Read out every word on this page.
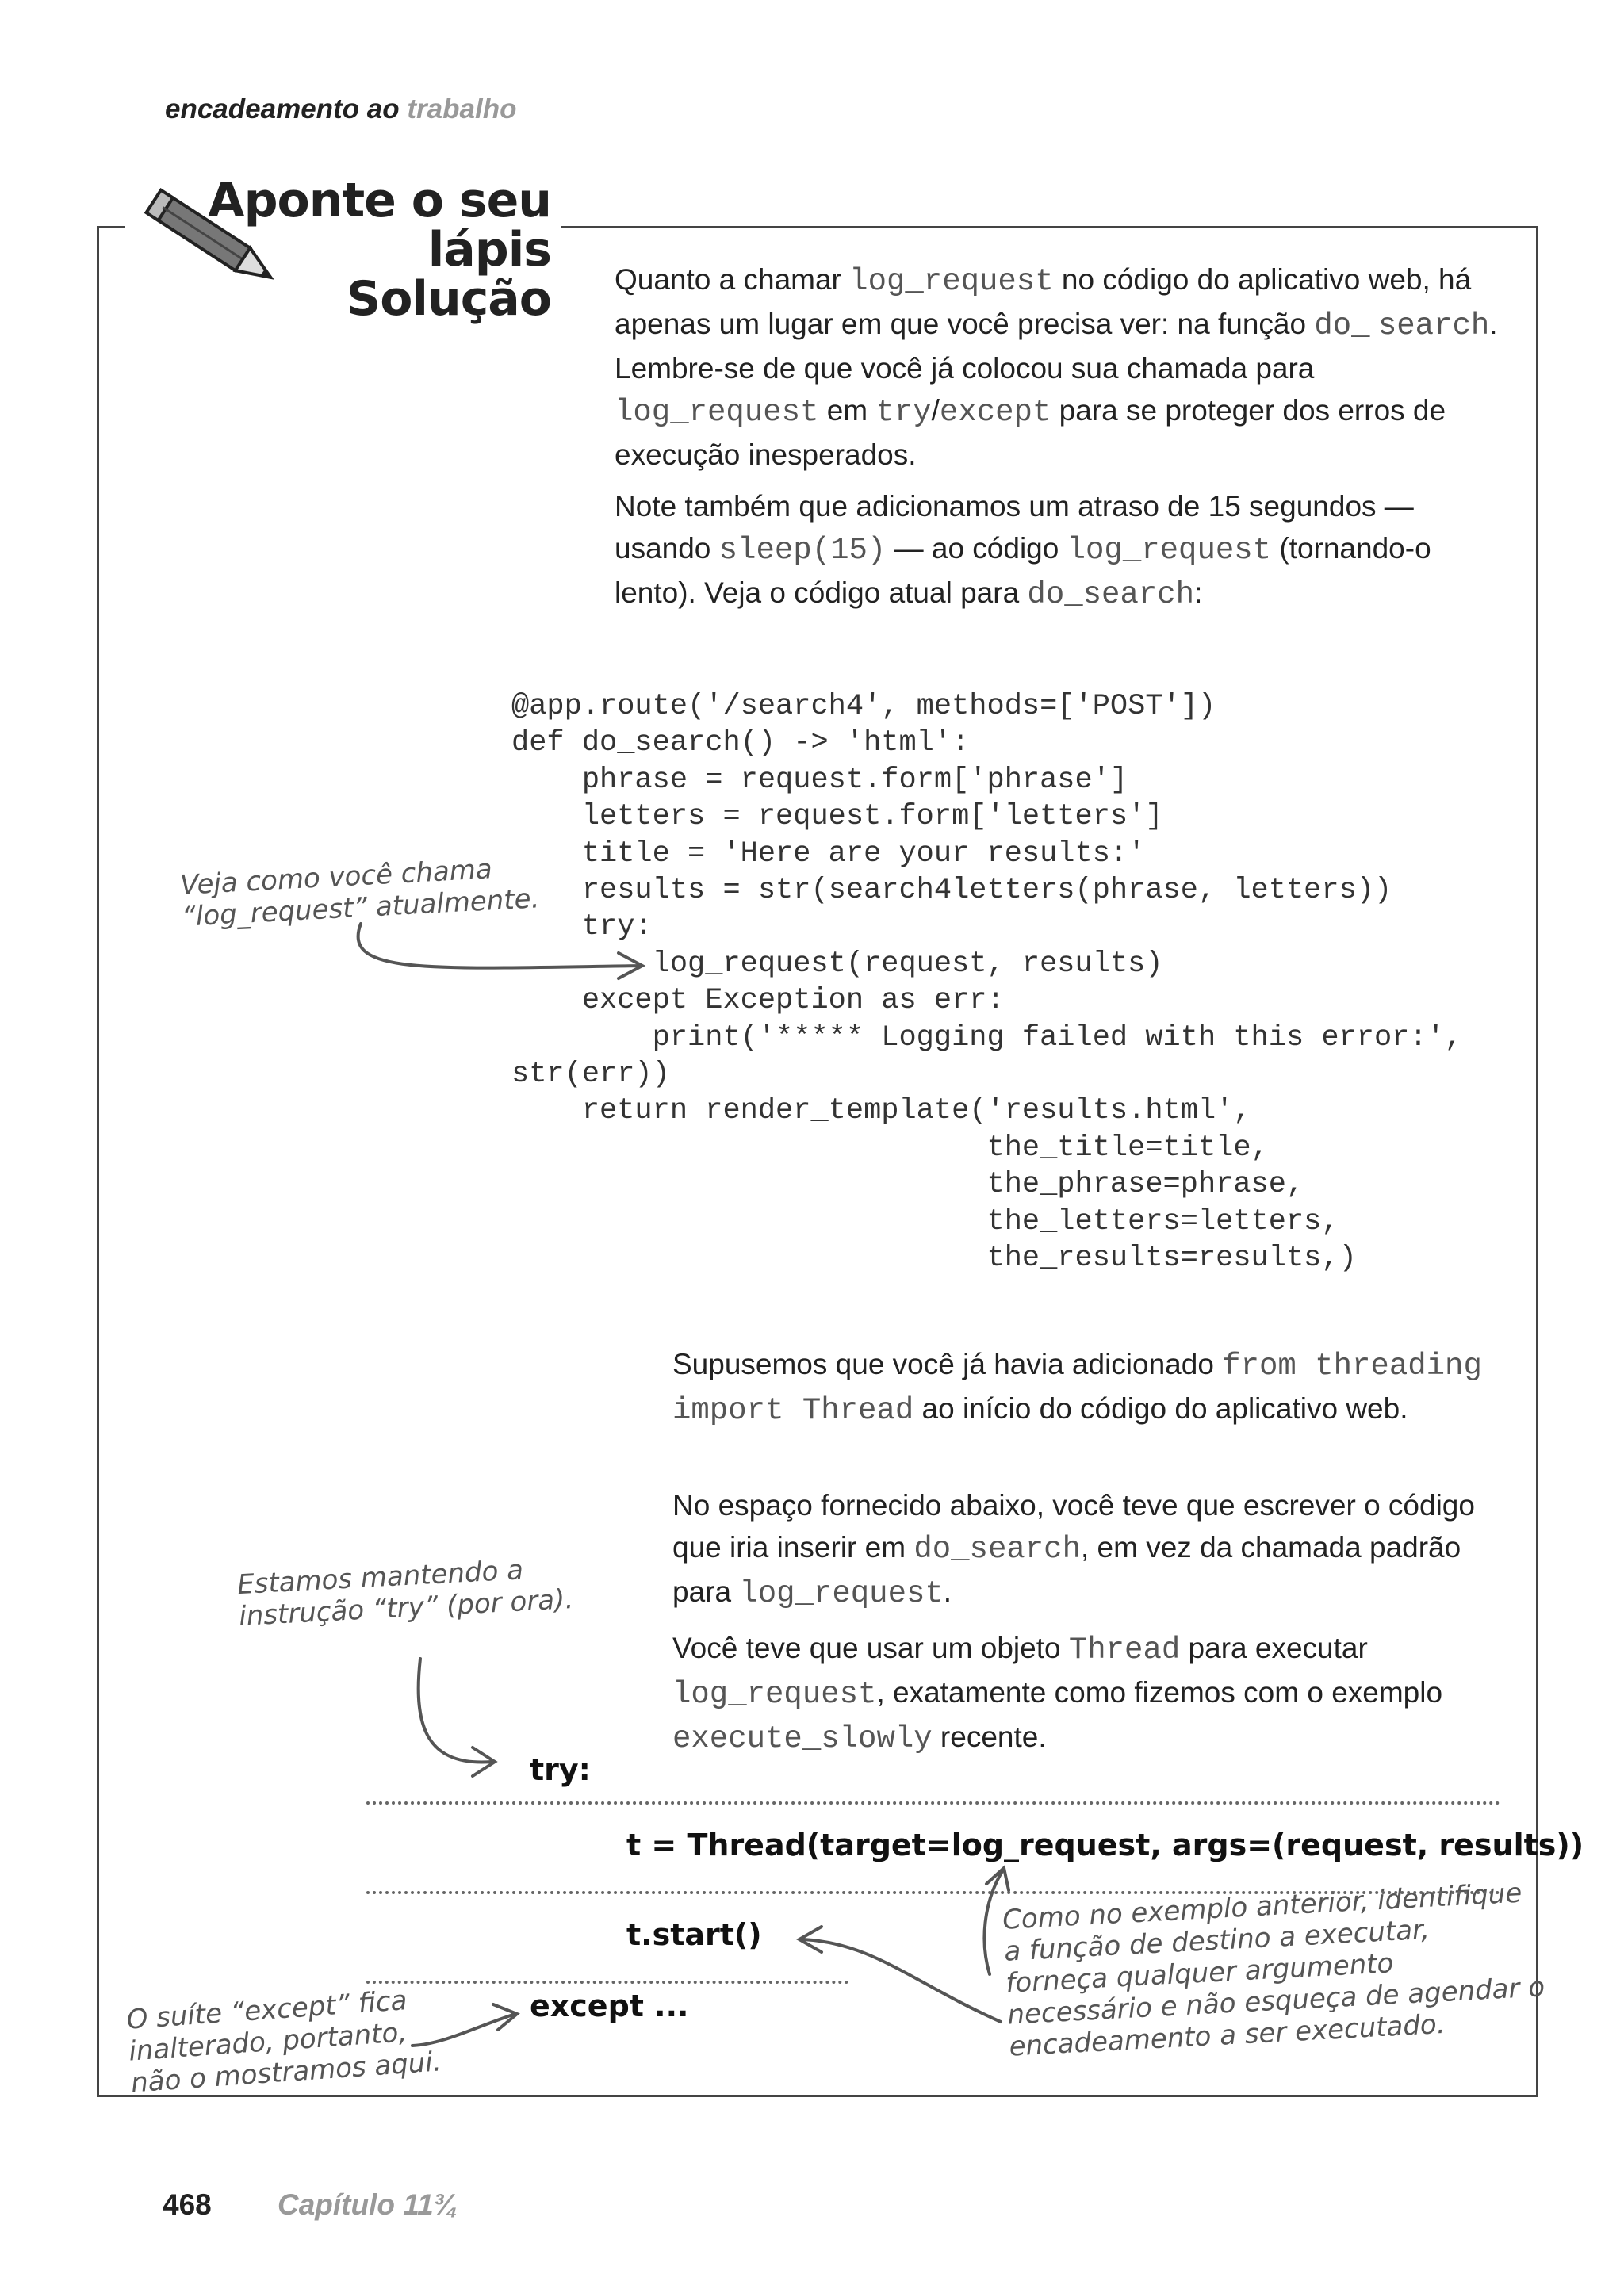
encadeamento ao trabalho
Aponte o seu lápis
Solução Quanto a chamar log_request no código do aplicativo web, há apenas um lugar em que você precisa ver: na função do_ search. Lembre-se de que você já colocou sua chamada para log_request em try/except para se proteger dos erros de execução inesperados.
Note também que adicionamos um atraso de 15 segundos — usando sleep(15) — ao código log_request (tornando-o lento). Veja o código atual para do_search:
@app.route('/search4', methods=['POST'])
def do_search() -> 'html':
phrase = request.form['phrase']
letters = request.form['letters']
title = 'Here are your results:'
results = str(search4letters(phrase, letters))
try:
log_request(request, results)
except Exception as err:
print('***** Logging failed with this error:',
str(err))
return render_template('results.html',
the_title=title,
the_phrase=phrase,
the_letters=letters,
the_results=results,)
Supusemos que você já havia adicionado from threading import Thread ao início do código do aplicativo web.
No espaço fornecido abaixo, você teve que escrever o código que iria inserir em do_search, em vez da chamada padrão para log_request.
Você teve que usar um objeto Thread para executar log_request, exatamente como fizemos com o exemplo execute_slowly recente.
Veja como você chama
“log_request” atualmente.
Estamos mantendo a
instrução “try” (por ora).
O suíte “except” fica
inalterado, portanto,
não o mostramos aqui.
Como no exemplo anterior, identifique
a função de destino a executar,
forneça qualquer argumento
necessário e não esqueça de agendar o
encadeamento a ser executado.
try:
t = Thread(target=log_request, args=(request, results))
t.start()
except ...
468 Capítulo 11¾
